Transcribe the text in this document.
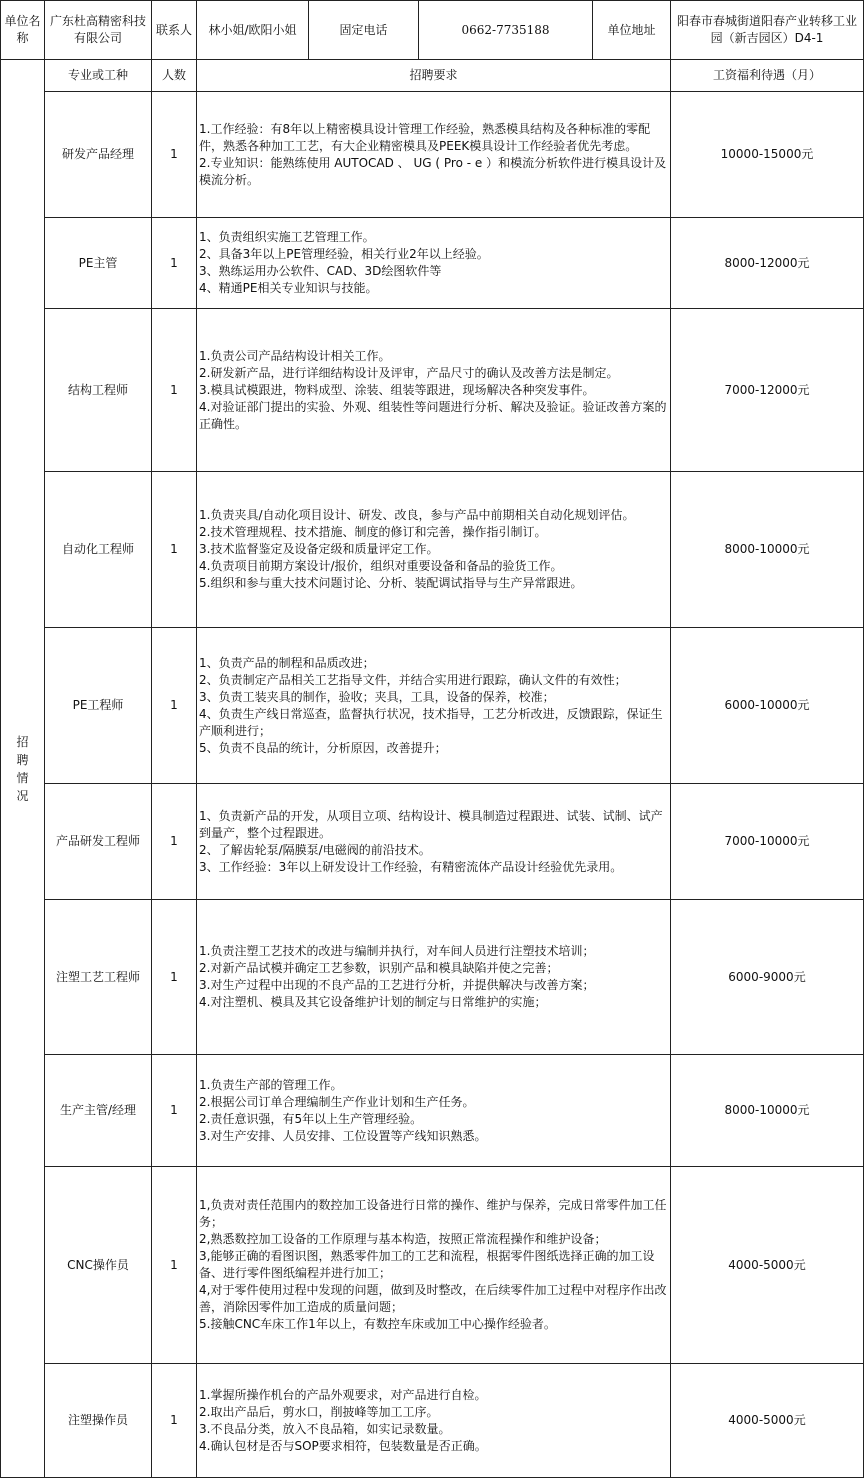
单位名称	广东杜高精密科技有限公司	联系人	林小姐/欧阳小姐	固定电话	0662-7735188	单位地址	阳春市春城街道阳春产业转移工业园（新吉园区）D4-1
招聘情况	专业或工种	人数	招聘要求				工资福利待遇（月）
	研发产品经理	1	1.工作经验：有8年以上精密模具设计管理工作经验，熟悉模具结构及各种标准的零配件，熟悉各种加工工艺，有大企业精密模具及PEEK模具设计工作经验者优先考虑。
2.专业知识：能熟练使用 AUTOCAD 、 UG ( Pro - e ）和模流分析软件进行模具设计及模流分析。				10000-15000元
	PE主管	1	1、负责组织实施工艺管理工作。
2、具备3年以上PE管理经验，相关行业2年以上经验。
3、熟练运用办公软件、CAD、3D绘图软件等
4、精通PE相关专业知识与技能。				8000-12000元
	结构工程师	1	1.负责公司产品结构设计相关工作。
2.研发新产品，进行详细结构设计及评审，产品尺寸的确认及改善方法是制定。
3.模具试模跟进，物料成型、涂装、组装等跟进，现场解决各种突发事件。
4.对验证部门提出的实验、外观、组装性等问题进行分析、解决及验证。验证改善方案的正确性。				7000-12000元
	自动化工程师	1	1.负责夹具/自动化项目设计、研发、改良，参与产品中前期相关自动化规划评估。
2.技术管理规程、技术措施、制度的修订和完善，操作指引制订。
3.技术监督鉴定及设备定级和质量评定工作。
4.负责项目前期方案设计/报价，组织对重要设备和备品的验货工作。
5.组织和参与重大技术问题讨论、分析、装配调试指导与生产异常跟进。				8000-10000元
	PE工程师	1	1、负责产品的制程和品质改进；
2、负责制定产品相关工艺指导文件，并结合实用进行跟踪，确认文件的有效性；
3、负责工装夹具的制作，验收；夹具，工具，设备的保养，校准；
4、负责生产线日常巡查，监督执行状况，技术指导，工艺分析改进，反馈跟踪，保证生产顺利进行；
5、负责不良品的统计，分析原因，改善提升；				6000-10000元
	产品研发工程师	1	1、负责新产品的开发，从项目立项、结构设计、模具制造过程跟进、试装、试制、试产到量产，整个过程跟进。
2、了解齿轮泵/隔膜泵/电磁阀的前沿技术。
3、工作经验：3年以上研发设计工作经验，有精密流体产品设计经验优先录用。				7000-10000元
	注塑工艺工程师	1	1.负责注塑工艺技术的改进与编制并执行，对车间人员进行注塑技术培训；
2.对新产品试模并确定工艺参数，识别产品和模具缺陷并使之完善；
3.对生产过程中出现的不良产品的工艺进行分析，并提供解决与改善方案；
4.对注塑机、模具及其它设备维护计划的制定与日常维护的实施；				6000-9000元
	生产主管/经理	1	1.负责生产部的管理工作。
2.根据公司订单合理编制生产作业计划和生产任务。
2.责任意识强，有5年以上生产管理经验。
3.对生产安排、人员安排、工位设置等产线知识熟悉。				8000-10000元
	CNC操作员	1	1,负责对责任范围内的数控加工设备进行日常的操作、维护与保养，完成日常零件加工任务；
2,熟悉数控加工设备的工作原理与基本构造，按照正常流程操作和维护设备；
3,能够正确的看图识图，熟悉零件加工的工艺和流程，根据零件图纸选择正确的加工设备、进行零件图纸编程并进行加工；
4,对于零件使用过程中发现的问题，做到及时整改，在后续零件加工过程中对程序作出改善，消除因零件加工造成的质量问题；
5.接触CNC车床工作1年以上，有数控车床或加工中心操作经验者。				4000-5000元
	注塑操作员	1	1.掌握所操作机台的产品外观要求，对产品进行自检。
2.取出产品后，剪水口，削披峰等加工工序。
3.不良品分类，放入不良品箱，如实记录数量。
4.确认包材是否与SOP要求相符，包装数量是否正确。				4000-5000元
